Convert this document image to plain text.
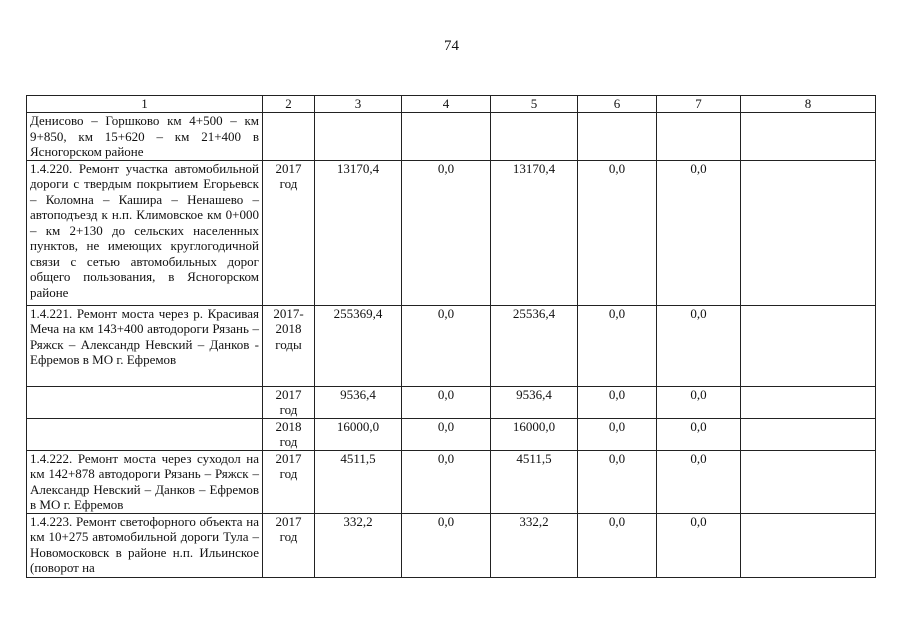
74
1	2	3	4	5	6	7	8
Денисово – Горшково км 4+500 – км 9+850, км 15+620 – км 21+400 в Ясногорском районе							
1.4.220. Ремонт участка автомобильной дороги с твердым покрытием Егорьевск – Коломна – Кашира – Ненашево – автоподъезд к н.п. Климовское км 0+000 – км 2+130 до сельских населенных пунктов, не имеющих круглогодичной связи с сетью автомобильных дорог общего пользования, в Ясногорском районе	2017 год	13170,4	0,0	13170,4	0,0	0,0	
1.4.221. Ремонт моста через р. Красивая Меча на км 143+400 автодороги Рязань – Ряжск – Александр Невский – Данков - Ефремов в МО г. Ефремов	2017-2018 годы	255369,4	0,0	25536,4	0,0	0,0	
	2017 год	9536,4	0,0	9536,4	0,0	0,0	
	2018 год	16000,0	0,0	16000,0	0,0	0,0	
1.4.222. Ремонт моста через суходол на км 142+878 автодороги Рязань – Ряжск – Александр Невский – Данков – Ефремов в МО г. Ефремов	2017 год	4511,5	0,0	4511,5	0,0	0,0	
1.4.223. Ремонт светофорного объекта на км 10+275 автомобильной дороги Тула – Новомосковск в районе н.п. Ильинское (поворот на	2017 год	332,2	0,0	332,2	0,0	0,0	
